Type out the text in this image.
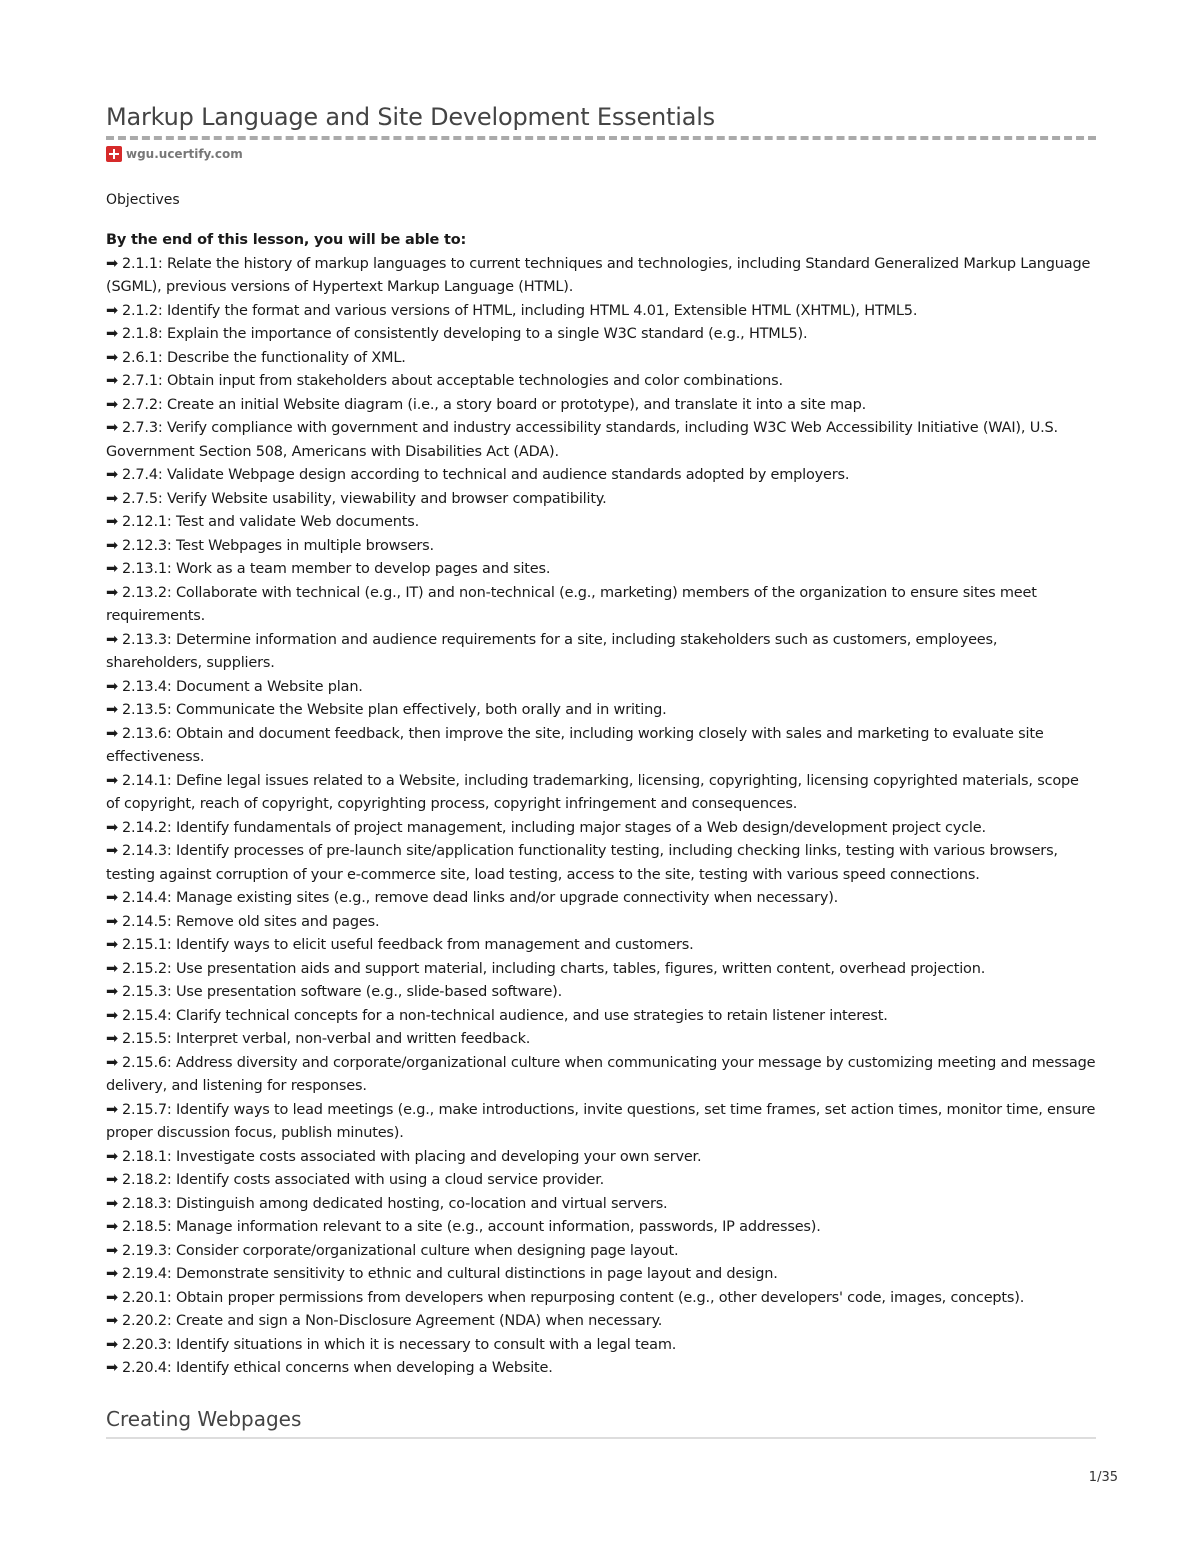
Markup Language and Site Development Essentials
wgu.ucertify.com
Objectives
By the end of this lesson, you will be able to:
➡ 2.1.1: Relate the history of markup languages to current techniques and technologies, including Standard Generalized Markup Language (SGML), previous versions of Hypertext Markup Language (HTML).
➡ 2.1.2: Identify the format and various versions of HTML, including HTML 4.01, Extensible HTML (XHTML), HTML5.
➡ 2.1.8: Explain the importance of consistently developing to a single W3C standard (e.g., HTML5).
➡ 2.6.1: Describe the functionality of XML.
➡ 2.7.1: Obtain input from stakeholders about acceptable technologies and color combinations.
➡ 2.7.2: Create an initial Website diagram (i.e., a story board or prototype), and translate it into a site map.
➡ 2.7.3: Verify compliance with government and industry accessibility standards, including W3C Web Accessibility Initiative (WAI), U.S. Government Section 508, Americans with Disabilities Act (ADA).
➡ 2.7.4: Validate Webpage design according to technical and audience standards adopted by employers.
➡ 2.7.5: Verify Website usability, viewability and browser compatibility.
➡ 2.12.1: Test and validate Web documents.
➡ 2.12.3: Test Webpages in multiple browsers.
➡ 2.13.1: Work as a team member to develop pages and sites.
➡ 2.13.2: Collaborate with technical (e.g., IT) and non-technical (e.g., marketing) members of the organization to ensure sites meet requirements.
➡ 2.13.3: Determine information and audience requirements for a site, including stakeholders such as customers, employees, shareholders, suppliers.
➡ 2.13.4: Document a Website plan.
➡ 2.13.5: Communicate the Website plan effectively, both orally and in writing.
➡ 2.13.6: Obtain and document feedback, then improve the site, including working closely with sales and marketing to evaluate site effectiveness.
➡ 2.14.1: Define legal issues related to a Website, including trademarking, licensing, copyrighting, licensing copyrighted materials, scope of copyright, reach of copyright, copyrighting process, copyright infringement and consequences.
➡ 2.14.2: Identify fundamentals of project management, including major stages of a Web design/development project cycle.
➡ 2.14.3: Identify processes of pre-launch site/application functionality testing, including checking links, testing with various browsers, testing against corruption of your e-commerce site, load testing, access to the site, testing with various speed connections.
➡ 2.14.4: Manage existing sites (e.g., remove dead links and/or upgrade connectivity when necessary).
➡ 2.14.5: Remove old sites and pages.
➡ 2.15.1: Identify ways to elicit useful feedback from management and customers.
➡ 2.15.2: Use presentation aids and support material, including charts, tables, figures, written content, overhead projection.
➡ 2.15.3: Use presentation software (e.g., slide-based software).
➡ 2.15.4: Clarify technical concepts for a non-technical audience, and use strategies to retain listener interest.
➡ 2.15.5: Interpret verbal, non-verbal and written feedback.
➡ 2.15.6: Address diversity and corporate/organizational culture when communicating your message by customizing meeting and message delivery, and listening for responses.
➡ 2.15.7: Identify ways to lead meetings (e.g., make introductions, invite questions, set time frames, set action times, monitor time, ensure proper discussion focus, publish minutes).
➡ 2.18.1: Investigate costs associated with placing and developing your own server.
➡ 2.18.2: Identify costs associated with using a cloud service provider.
➡ 2.18.3: Distinguish among dedicated hosting, co-location and virtual servers.
➡ 2.18.5: Manage information relevant to a site (e.g., account information, passwords, IP addresses).
➡ 2.19.3: Consider corporate/organizational culture when designing page layout.
➡ 2.19.4: Demonstrate sensitivity to ethnic and cultural distinctions in page layout and design.
➡ 2.20.1: Obtain proper permissions from developers when repurposing content (e.g., other developers' code, images, concepts).
➡ 2.20.2: Create and sign a Non-Disclosure Agreement (NDA) when necessary.
➡ 2.20.3: Identify situations in which it is necessary to consult with a legal team.
➡ 2.20.4: Identify ethical concerns when developing a Website.
Creating Webpages
1/35
